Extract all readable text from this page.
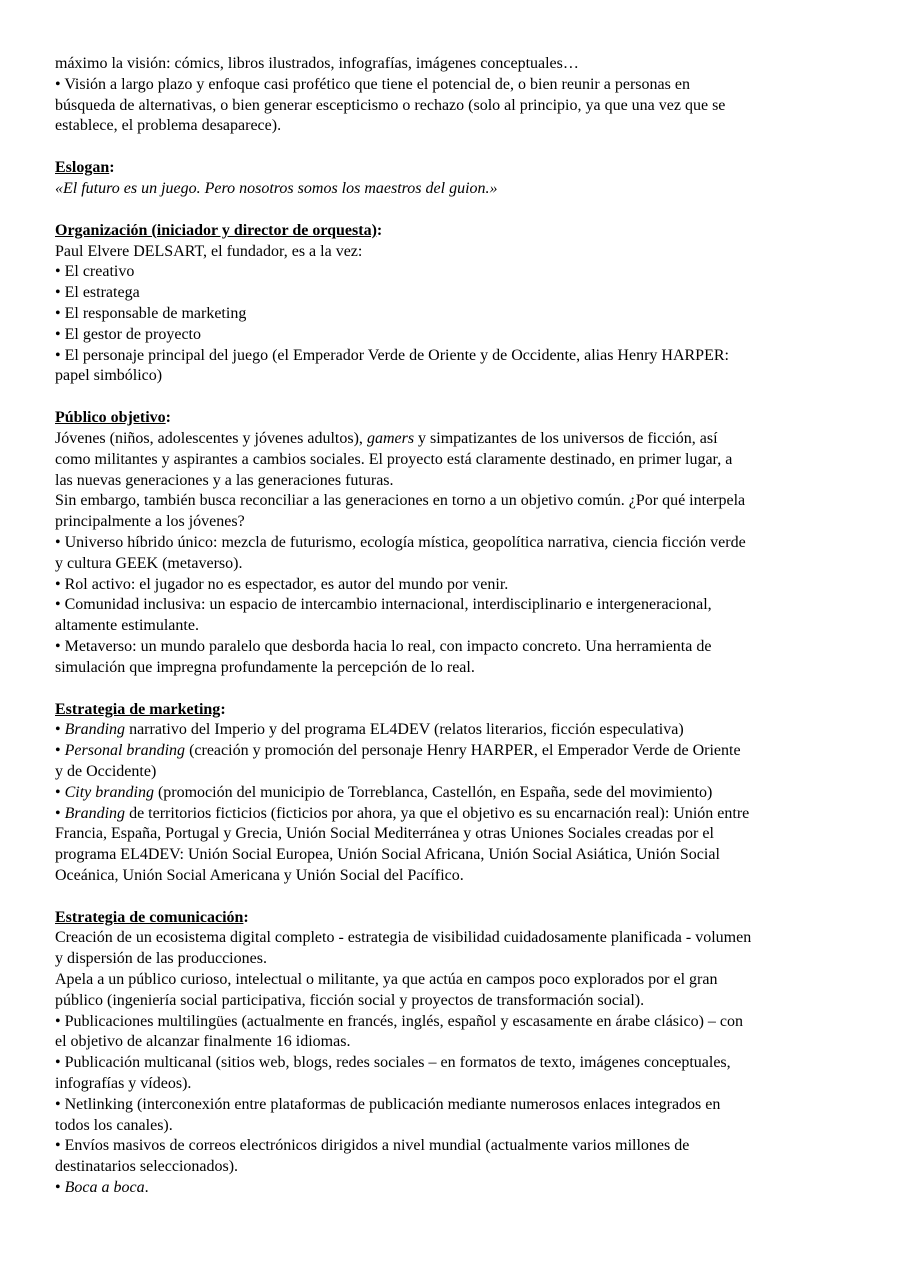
máximo la visión: cómics, libros ilustrados, infografías, imágenes conceptuales…
• Visión a largo plazo y enfoque casi profético que tiene el potencial de, o bien reunir a personas en
búsqueda de alternativas, o bien generar escepticismo o rechazo (solo al principio, ya que una vez que se
establece, el problema desaparece).
Eslogan:
«El futuro es un juego. Pero nosotros somos los maestros del guion.»
Organización (iniciador y director de orquesta):
Paul Elvere DELSART, el fundador, es a la vez:
• El creativo
• El estratega
• El responsable de marketing
• El gestor de proyecto
• El personaje principal del juego (el Emperador Verde de Oriente y de Occidente, alias Henry HARPER:
papel simbólico)
Público objetivo:
Jóvenes (niños, adolescentes y jóvenes adultos), gamers y simpatizantes de los universos de ficción, así
como militantes y aspirantes a cambios sociales. El proyecto está claramente destinado, en primer lugar, a
las nuevas generaciones y a las generaciones futuras.
Sin embargo, también busca reconciliar a las generaciones en torno a un objetivo común. ¿Por qué interpela
principalmente a los jóvenes?
• Universo híbrido único: mezcla de futurismo, ecología mística, geopolítica narrativa, ciencia ficción verde
y cultura GEEK (metaverso).
• Rol activo: el jugador no es espectador, es autor del mundo por venir.
• Comunidad inclusiva: un espacio de intercambio internacional, interdisciplinario e intergeneracional,
altamente estimulante.
• Metaverso: un mundo paralelo que desborda hacia lo real, con impacto concreto. Una herramienta de
simulación que impregna profundamente la percepción de lo real.
Estrategia de marketing:
• Branding narrativo del Imperio y del programa EL4DEV (relatos literarios, ficción especulativa)
• Personal branding (creación y promoción del personaje Henry HARPER, el Emperador Verde de Oriente
y de Occidente)
• City branding (promoción del municipio de Torreblanca, Castellón, en España, sede del movimiento)
• Branding de territorios ficticios (ficticios por ahora, ya que el objetivo es su encarnación real): Unión entre
Francia, España, Portugal y Grecia, Unión Social Mediterránea y otras Uniones Sociales creadas por el
programa EL4DEV: Unión Social Europea, Unión Social Africana, Unión Social Asiática, Unión Social
Oceánica, Unión Social Americana y Unión Social del Pacífico.
Estrategia de comunicación:
Creación de un ecosistema digital completo - estrategia de visibilidad cuidadosamente planificada - volumen
y dispersión de las producciones.
Apela a un público curioso, intelectual o militante, ya que actúa en campos poco explorados por el gran
público (ingeniería social participativa, ficción social y proyectos de transformación social).
• Publicaciones multilingües (actualmente en francés, inglés, español y escasamente en árabe clásico) – con
el objetivo de alcanzar finalmente 16 idiomas.
• Publicación multicanal (sitios web, blogs, redes sociales – en formatos de texto, imágenes conceptuales,
infografías y vídeos).
• Netlinking (interconexión entre plataformas de publicación mediante numerosos enlaces integrados en
todos los canales).
• Envíos masivos de correos electrónicos dirigidos a nivel mundial (actualmente varios millones de
destinatarios seleccionados).
• Boca a boca.
